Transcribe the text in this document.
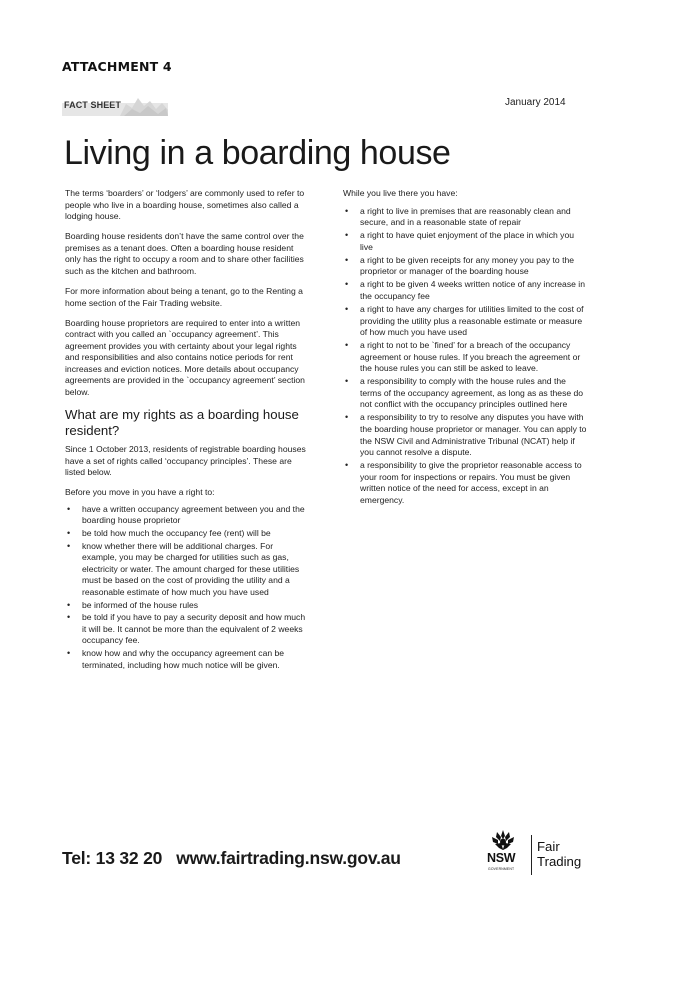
ATTACHMENT 4
FACT SHEET	January 2014
Living in a boarding house

The terms ‘boarders’ or ‘lodgers’ are commonly used to refer to people who live in a boarding house, sometimes also called a lodging house.

Boarding house residents don’t have the same control over the premises as a tenant does. Often a boarding house resident only has the right to occupy a room and to share other facilities such as the kitchen and bathroom.

For more information about being a tenant, go to the Renting a home section of the Fair Trading website.

Boarding house proprietors are required to enter into a written contract with you called an `occupancy agreement’. This agreement provides you with certainty about your legal rights and responsibilities and also contains notice periods for rent increases and eviction notices. More details about occupancy agreements are provided in the `occupancy agreement’ section below.

What are my rights as a boarding house resident?

Since 1 October 2013, residents of registrable boarding houses have a set of rights called ‘occupancy principles’. These are listed below.

Before you move in you have a right to:

• have a written occupancy agreement between you and the boarding house proprietor
• be told how much the occupancy fee (rent) will be
• know whether there will be additional charges. For example, you may be charged for utilities such as gas, electricity or water. The amount charged for these utilities must be based on the cost of providing the utility and a reasonable estimate of how much you have used
• be informed of the house rules
• be told if you have to pay a security deposit and how much it will be. It cannot be more than the equivalent of 2 weeks occupancy fee.
• know how and why the occupancy agreement can be terminated, including how much notice will be given.

While you live there you have:

• a right to live in premises that are reasonably clean and secure, and in a reasonable state of repair
• a right to have quiet enjoyment of the place in which you live
• a right to be given receipts for any money you pay to the proprietor or manager of the boarding house
• a right to be given 4 weeks written notice of any increase in the occupancy fee
• a right to have any charges for utilities limited to the cost of providing the utility plus a reasonable estimate or measure of how much you have used
• a right to not to be `fined’ for a breach of the occupancy agreement or house rules. If you breach the agreement or the house rules you can still be asked to leave.
• a responsibility to comply with the house rules and the terms of the occupancy agreement, as long as as these do not conflict with the occupancy principles outlined here
• a responsibility to try to resolve any disputes you have with the boarding house proprietor or manager. You can apply to the NSW Civil and Administrative Tribunal (NCAT) help if you cannot resolve a dispute.
• a responsibility to give the proprietor reasonable access to your room for inspections or repairs. You must be given written notice of the need for access, except in an emergency.
Tel: 13 32 20 www.fairtrading.nsw.gov.au	NSW
GOVERNMENT
Fair
Trading
